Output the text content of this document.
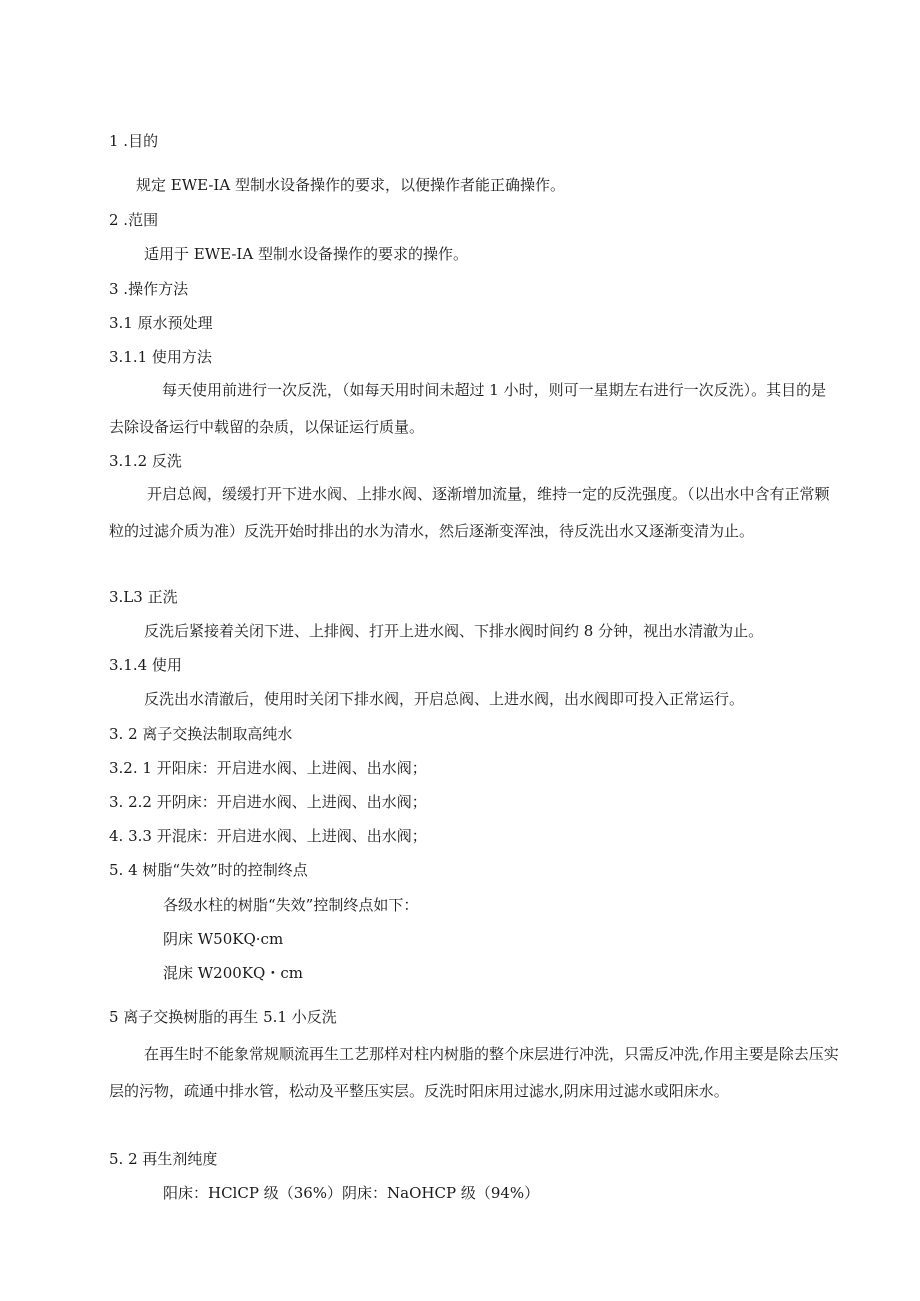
1 .目的
规定 EWE-IA 型制水设备操作的要求，以便操作者能正确操作。
2 .范围
适用于 EWE-IA 型制水设备操作的要求的操作。
3 .操作方法
3.1 原水预处理
3.1.1 使用方法
每天使用前进行一次反洗，（如每天用时间未超过 1 小时，则可一星期左右进行一次反洗）。其目的是去除设备运行中载留的杂质，以保证运行质量。
3.1.2 反洗
开启总阀，缓缓打开下进水阀、上排水阀、逐渐增加流量，维持一定的反洗强度。（以出水中含有正常颗粒的过滤介质为准）反洗开始时排出的水为清水，然后逐渐变浑浊，待反洗出水又逐渐变清为止。
3.L3 正洗
反洗后紧接着关闭下进、上排阀、打开上进水阀、下排水阀时间约 8 分钟，视出水清澈为止。
3.1.4 使用
反洗出水清澈后，使用时关闭下排水阀，开启总阀、上进水阀，出水阀即可投入正常运行。
3. 2 离子交换法制取高纯水
3.2. 1 开阳床：开启进水阀、上进阀、出水阀；
3. 2.2 开阴床：开启进水阀、上进阀、出水阀；
4. 3.3 开混床：开启进水阀、上进阀、出水阀；
5. 4 树脂“失效”时的控制终点
各级水柱的树脂“失效”控制终点如下：
阴床 W50KQ·cm
混床 W200KQ・cm
5 离子交换树脂的再生 5.1 小反洗
在再生时不能象常规顺流再生工艺那样对柱内树脂的整个床层进行冲洗，只需反冲洗,作用主要是除去压实层的污物，疏通中排水管，松动及平整压实层。反洗时阳床用过滤水,阴床用过滤水或阳床水。
5. 2 再生剂纯度
阳床：HClCP 级（36%）阴床：NaOHCP 级（94%）
